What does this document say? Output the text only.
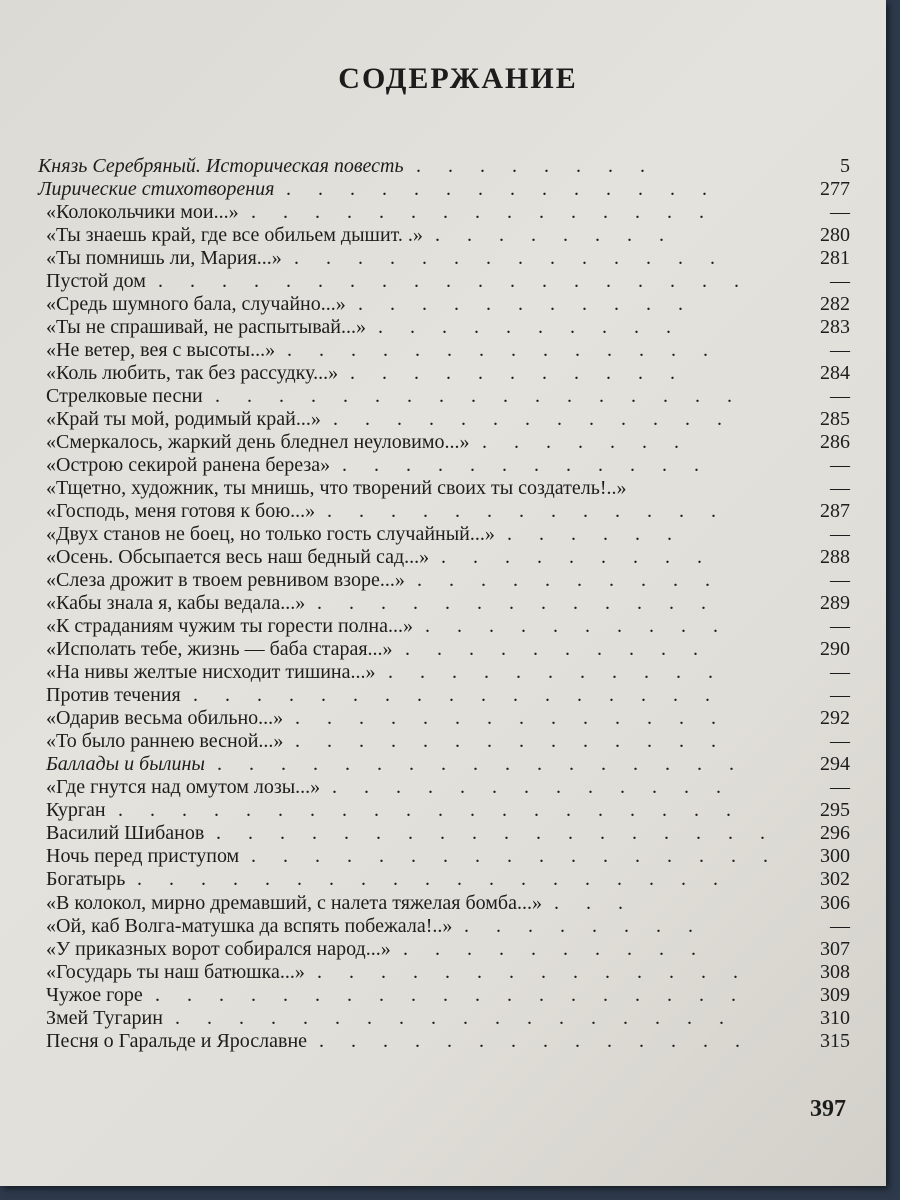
СОДЕРЖАНИЕ
Князь Серебряный. Историческая повесть . . . . . . . .	5
Лирические стихотворения . . . . . . . . . . . . . .	277
«Колокольчики мои...» . . . . . . . . . . . . . . .	—
«Ты знаешь край, где все обильем дышит. .» . . . . . . . .	280
«Ты помнишь ли, Мария...» . . . . . . . . . . . . . .	281
Пустой дом . . . . . . . . . . . . . . . . . . .	—
«Средь шумного бала, случайно...» . . . . . . . . . . .	282
«Ты не спрашивай, не распытывай...» . . . . . . . . . .	283
«Не ветер, вея с высоты...» . . . . . . . . . . . . . .	—
«Коль любить, так без рассудку...» . . . . . . . . . . .	284
Стрелковые песни . . . . . . . . . . . . . . . . .	—
«Край ты мой, родимый край...» . . . . . . . . . . . . .	285
«Смеркалось, жаркий день бледнел неуловимо...» . . . . . . .	286
«Острою секирой ранена береза» . . . . . . . . . . . .	—
«Тщетно, художник, ты мнишь, что творений своих ты создатель!..»	—
«Господь, меня готовя к бою...» . . . . . . . . . . . . .	287
«Двух станов не боец, но только гость случайный...» . . . . . .	—
«Осень. Обсыпается весь наш бедный сад...» . . . . . . . . .	288
«Слеза дрожит в твоем ревнивом взоре...» . . . . . . . . . .	—
«Кабы знала я, кабы ведала...» . . . . . . . . . . . . .	289
«К страданиям чужим ты горести полна...» . . . . . . . . . .	—
«Исполать тебе, жизнь — баба старая...» . . . . . . . . . .	290
«На нивы желтые нисходит тишина...» . . . . . . . . . . .	—
Против течения . . . . . . . . . . . . . . . . .	—
«Одарив весьма обильно...» . . . . . . . . . . . . . .	292
«То было раннею весной...» . . . . . . . . . . . . . .	—
Баллады и былины . . . . . . . . . . . . . . . . .	294
«Где гнутся над омутом лозы...» . . . . . . . . . . . . .	—
Курган . . . . . . . . . . . . . . . . . . . .	295
Василий Шибанов . . . . . . . . . . . . . . . . . .	296
Ночь перед приступом . . . . . . . . . . . . . . . . .	300
Богатырь . . . . . . . . . . . . . . . . . . .	302
«В колокол, мирно дремавший, с налета тяжелая бомба...» . . .	306
«Ой, каб Волга-матушка да вспять побежала!..» . . . . . . . .	—
«У приказных ворот собирался народ...» . . . . . . . . . .	307
«Государь ты наш батюшка...» . . . . . . . . . . . . . .	308
Чужое горе . . . . . . . . . . . . . . . . . . .	309
Змей Тугарин . . . . . . . . . . . . . . . . . .	310
Песня о Гаральде и Ярославне . . . . . . . . . . . . . .	315
397
